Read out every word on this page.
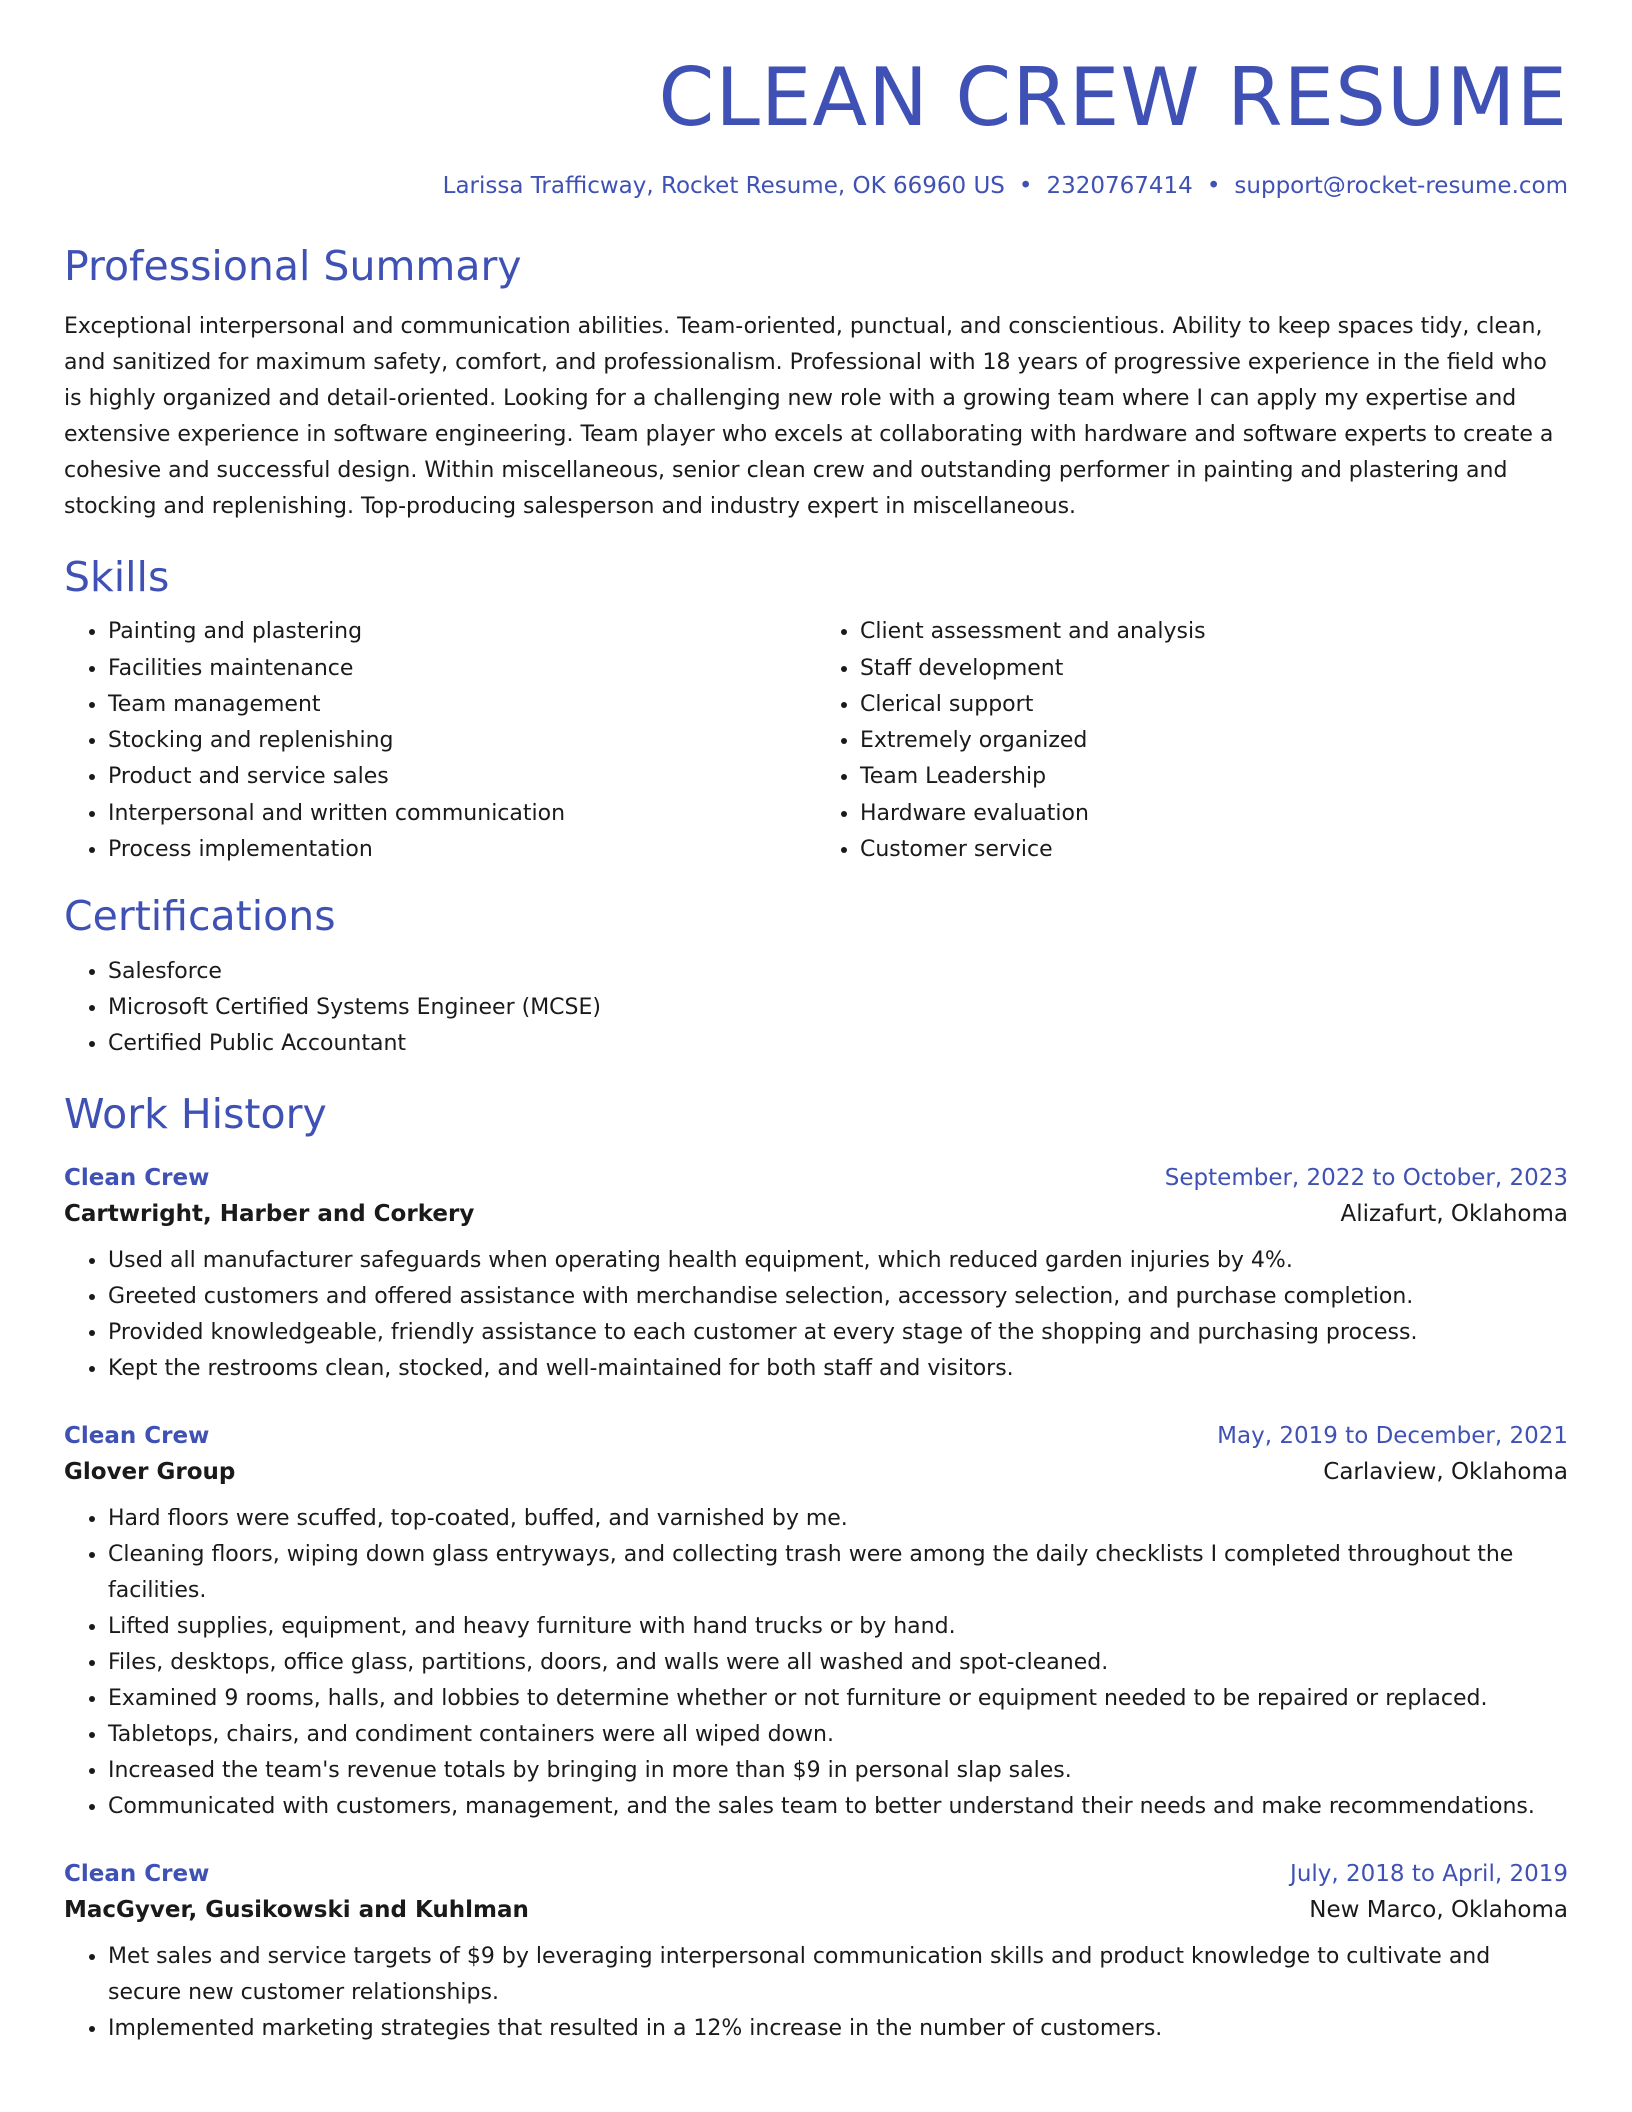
CLEAN CREW RESUME
Larissa Trafficway, Rocket Resume, OK 66960 US • 2320767414 • support@rocket-resume.com
Professional Summary

Exceptional interpersonal and communication abilities. Team-oriented, punctual, and conscientious. Ability to keep spaces tidy, clean, and sanitized for maximum safety, comfort, and professionalism. Professional with 18 years of progressive experience in the field who is highly organized and detail-oriented. Looking for a challenging new role with a growing team where I can apply my expertise and extensive experience in software engineering. Team player who excels at collaborating with hardware and software experts to create a cohesive and successful design. Within miscellaneous, senior clean crew and outstanding performer in painting and plastering and stocking and replenishing. Top-producing salesperson and industry expert in miscellaneous.

Skills
• Painting and plastering
• Facilities maintenance
• Team management
• Stocking and replenishing
• Product and service sales
• Interpersonal and written communication
• Process implementation
• Client assessment and analysis
• Staff development
• Clerical support
• Extremely organized
• Team Leadership
• Hardware evaluation
• Customer service
Certifications
• Salesforce
• Microsoft Certified Systems Engineer (MCSE)
• Certified Public Accountant
Work History
Clean Crew	September, 2022 to October, 2023
Cartwright, Harber and Corkery	Alizafurt, Oklahoma
• Used all manufacturer safeguards when operating health equipment, which reduced garden injuries by 4%.
• Greeted customers and offered assistance with merchandise selection, accessory selection, and purchase completion.
• Provided knowledgeable, friendly assistance to each customer at every stage of the shopping and purchasing process.
• Kept the restrooms clean, stocked, and well-maintained for both staff and visitors.
Clean Crew	May, 2019 to December, 2021
Glover Group	Carlaview, Oklahoma
• Hard floors were scuffed, top-coated, buffed, and varnished by me.
• Cleaning floors, wiping down glass entryways, and collecting trash were among the daily checklists I completed throughout the facilities.
• Lifted supplies, equipment, and heavy furniture with hand trucks or by hand.
• Files, desktops, office glass, partitions, doors, and walls were all washed and spot-cleaned.
• Examined 9 rooms, halls, and lobbies to determine whether or not furniture or equipment needed to be repaired or replaced.
• Tabletops, chairs, and condiment containers were all wiped down.
• Increased the team's revenue totals by bringing in more than $9 in personal slap sales.
• Communicated with customers, management, and the sales team to better understand their needs and make recommendations.
Clean Crew	July, 2018 to April, 2019
MacGyver, Gusikowski and Kuhlman	New Marco, Oklahoma
• Met sales and service targets of $9 by leveraging interpersonal communication skills and product knowledge to cultivate and secure new customer relationships.
• Implemented marketing strategies that resulted in a 12% increase in the number of customers.
